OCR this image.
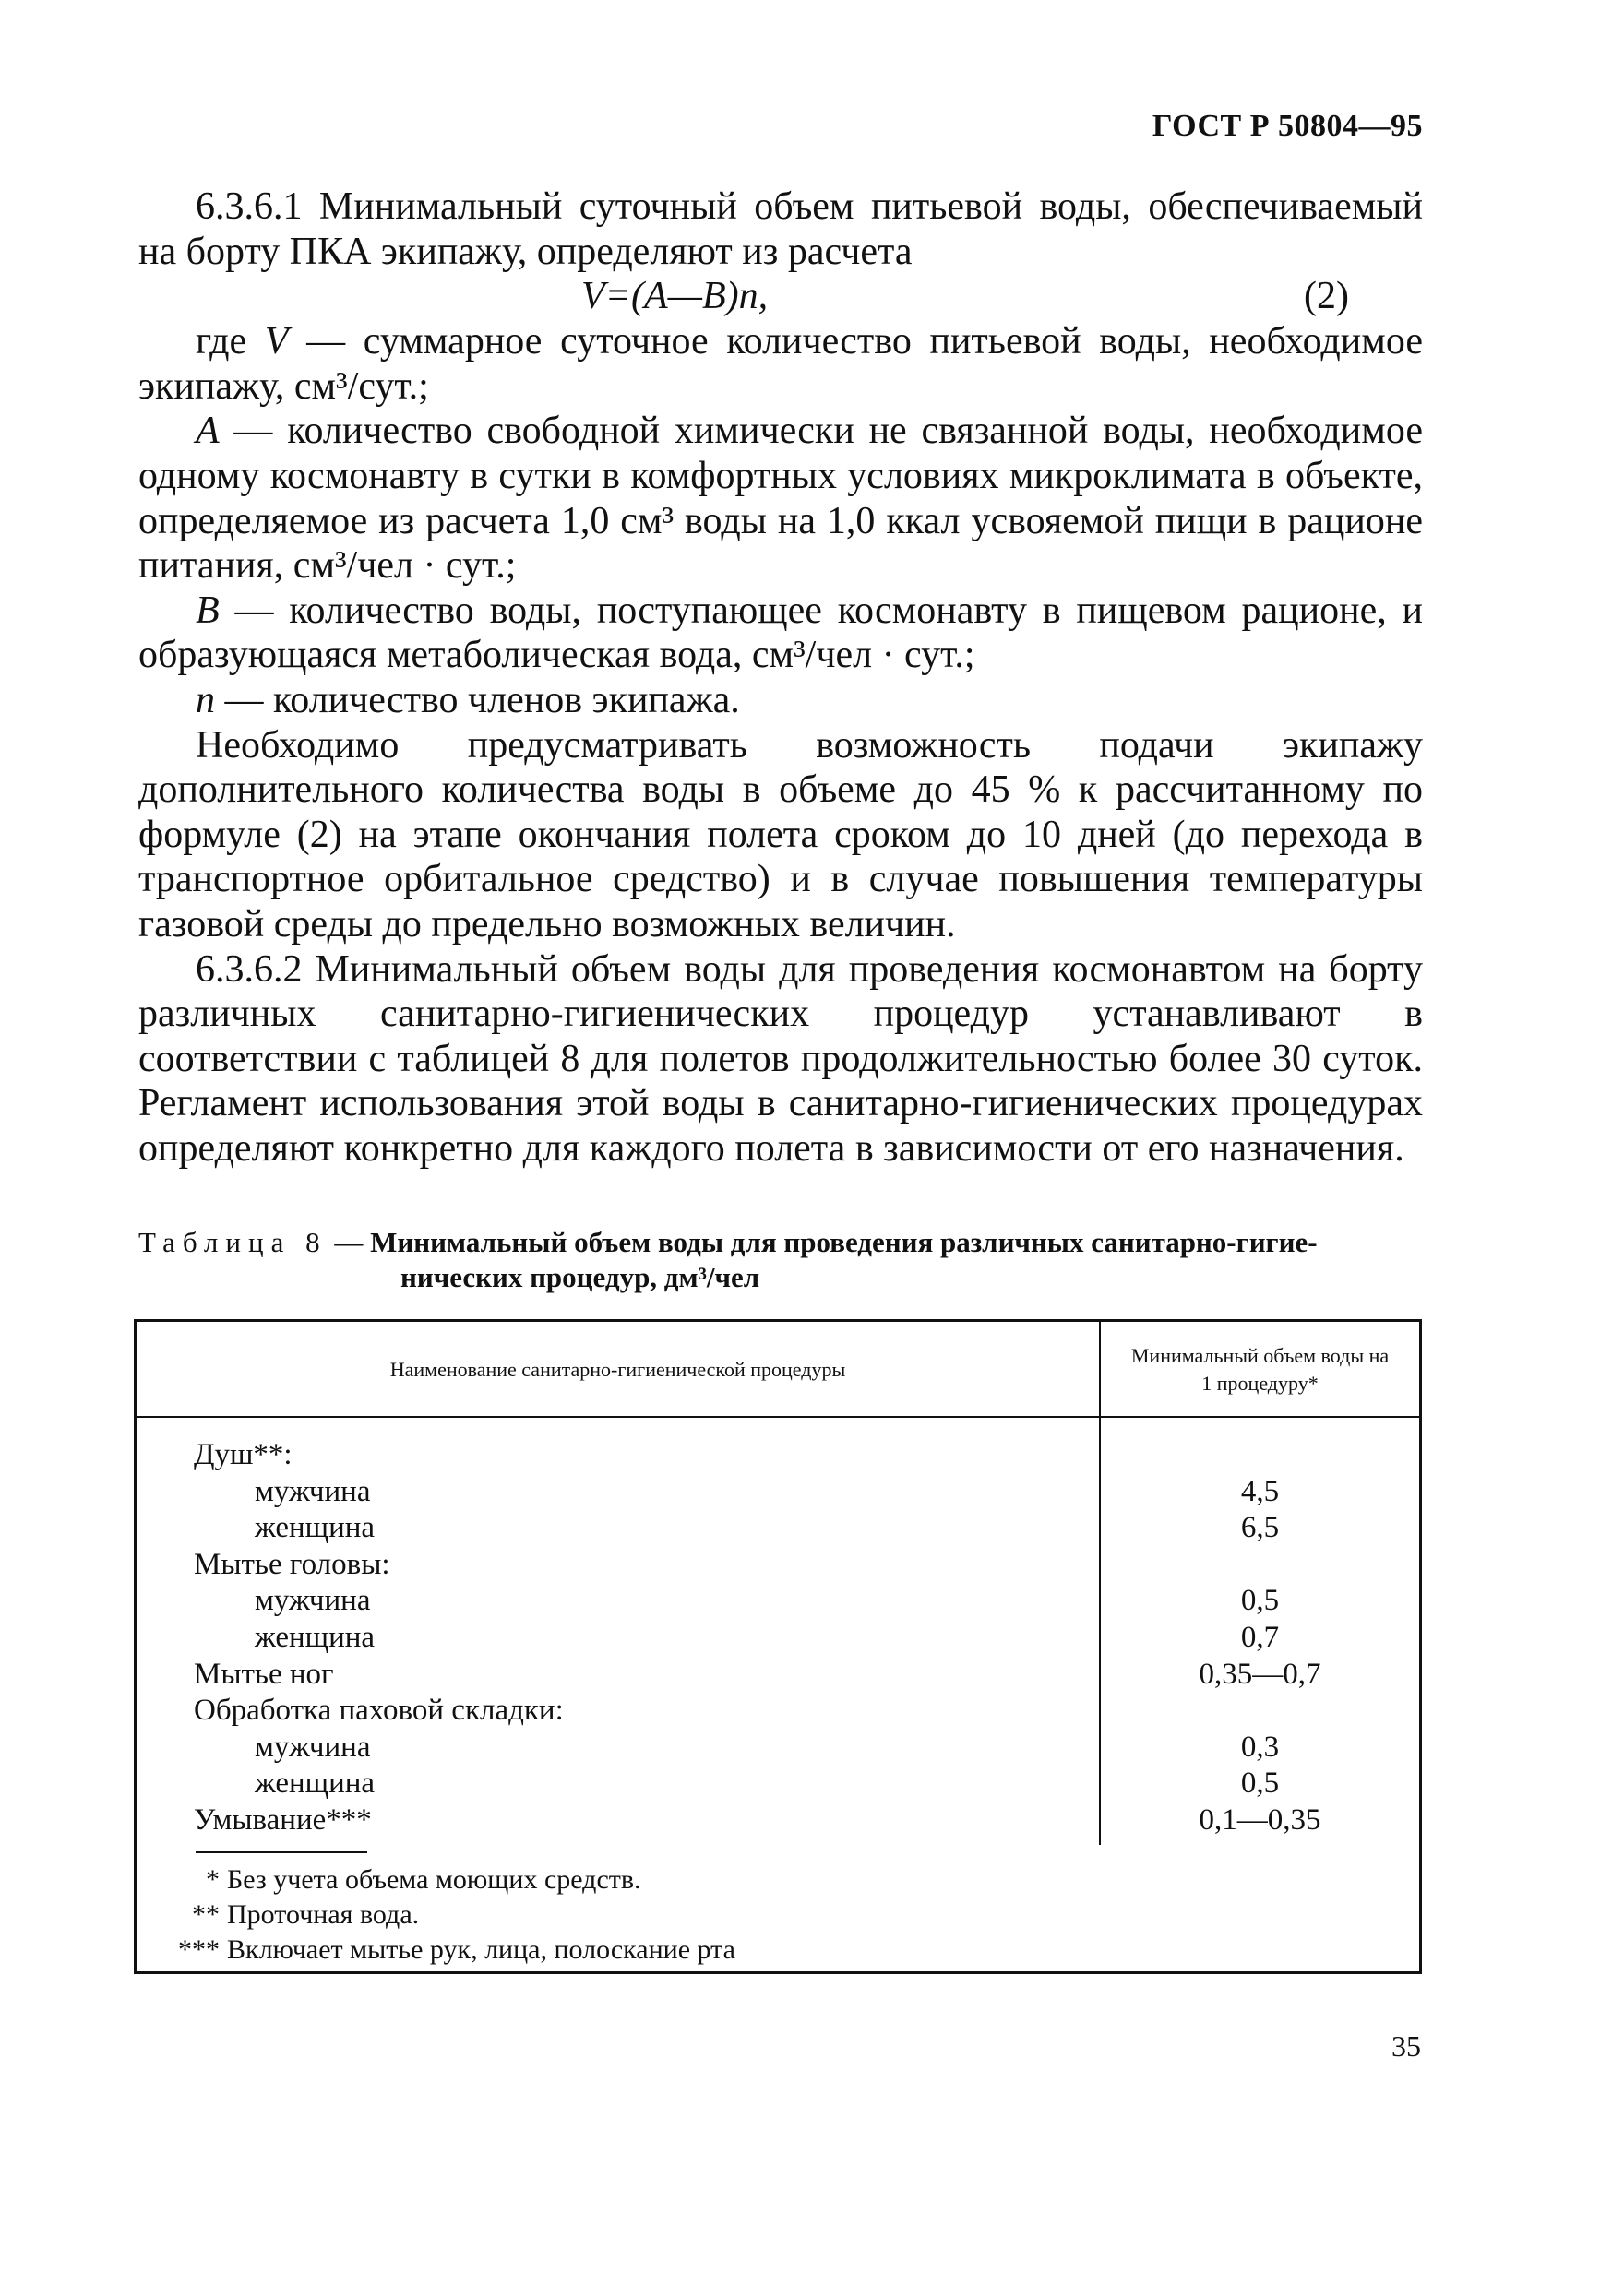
ГОСТ Р 50804—95

6.3.6.1 Минимальный суточный объем питьевой воды, обеспечиваемый на борту ПКА экипажу, определяют из расчета

V=(A—B)n,	(2)

где V — суммарное суточное количество питьевой воды, необходимое экипажу, см³/сут.;

A — количество свободной химически не связанной воды, необходимое одному космонавту в сутки в комфортных условиях микроклимата в объекте, определяемое из расчета 1,0 см³ воды на 1,0 ккал усвояемой пищи в рационе питания, см³/чел · сут.;

B — количество воды, поступающее космонавту в пищевом рационе, и образующаяся метаболическая вода, см³/чел · сут.;

n — количество членов экипажа.

Необходимо предусматривать возможность подачи экипажу дополнительного количества воды в объеме до 45 % к рассчитанному по формуле (2) на этапе окончания полета сроком до 10 дней (до перехода в транспортное орбитальное средство) и в случае повышения температуры газовой среды до предельно возможных величин.

6.3.6.2 Минимальный объем воды для проведения космонавтом на борту различных санитарно-гигиенических процедур устанавливают в соответствии с таблицей 8 для полетов продолжительностью более 30 суток. Регламент использования этой воды в санитарно-гигиенических процедурах определяют конкретно для каждого полета в зависимости от его назначения.

Таблица 8 — Минимальный объем воды для проведения различных санитарно-гигие-
нических процедур, дм³/чел
Наименование санитарно-гигиенической процедуры
Минимальный объем воды на 1 процедуру*
Душ**:
мужчина	4,5
женщина	6,5
Мытье головы:
мужчина	0,5
женщина	0,7
Мытье ног	0,35—0,7
Обработка паховой складки:
мужчина	0,3
женщина	0,5
Умывание***	0,1—0,35
* Без учета объема моющих средств.
** Проточная вода.
*** Включает мытье рук, лица, полоскание рта
35
